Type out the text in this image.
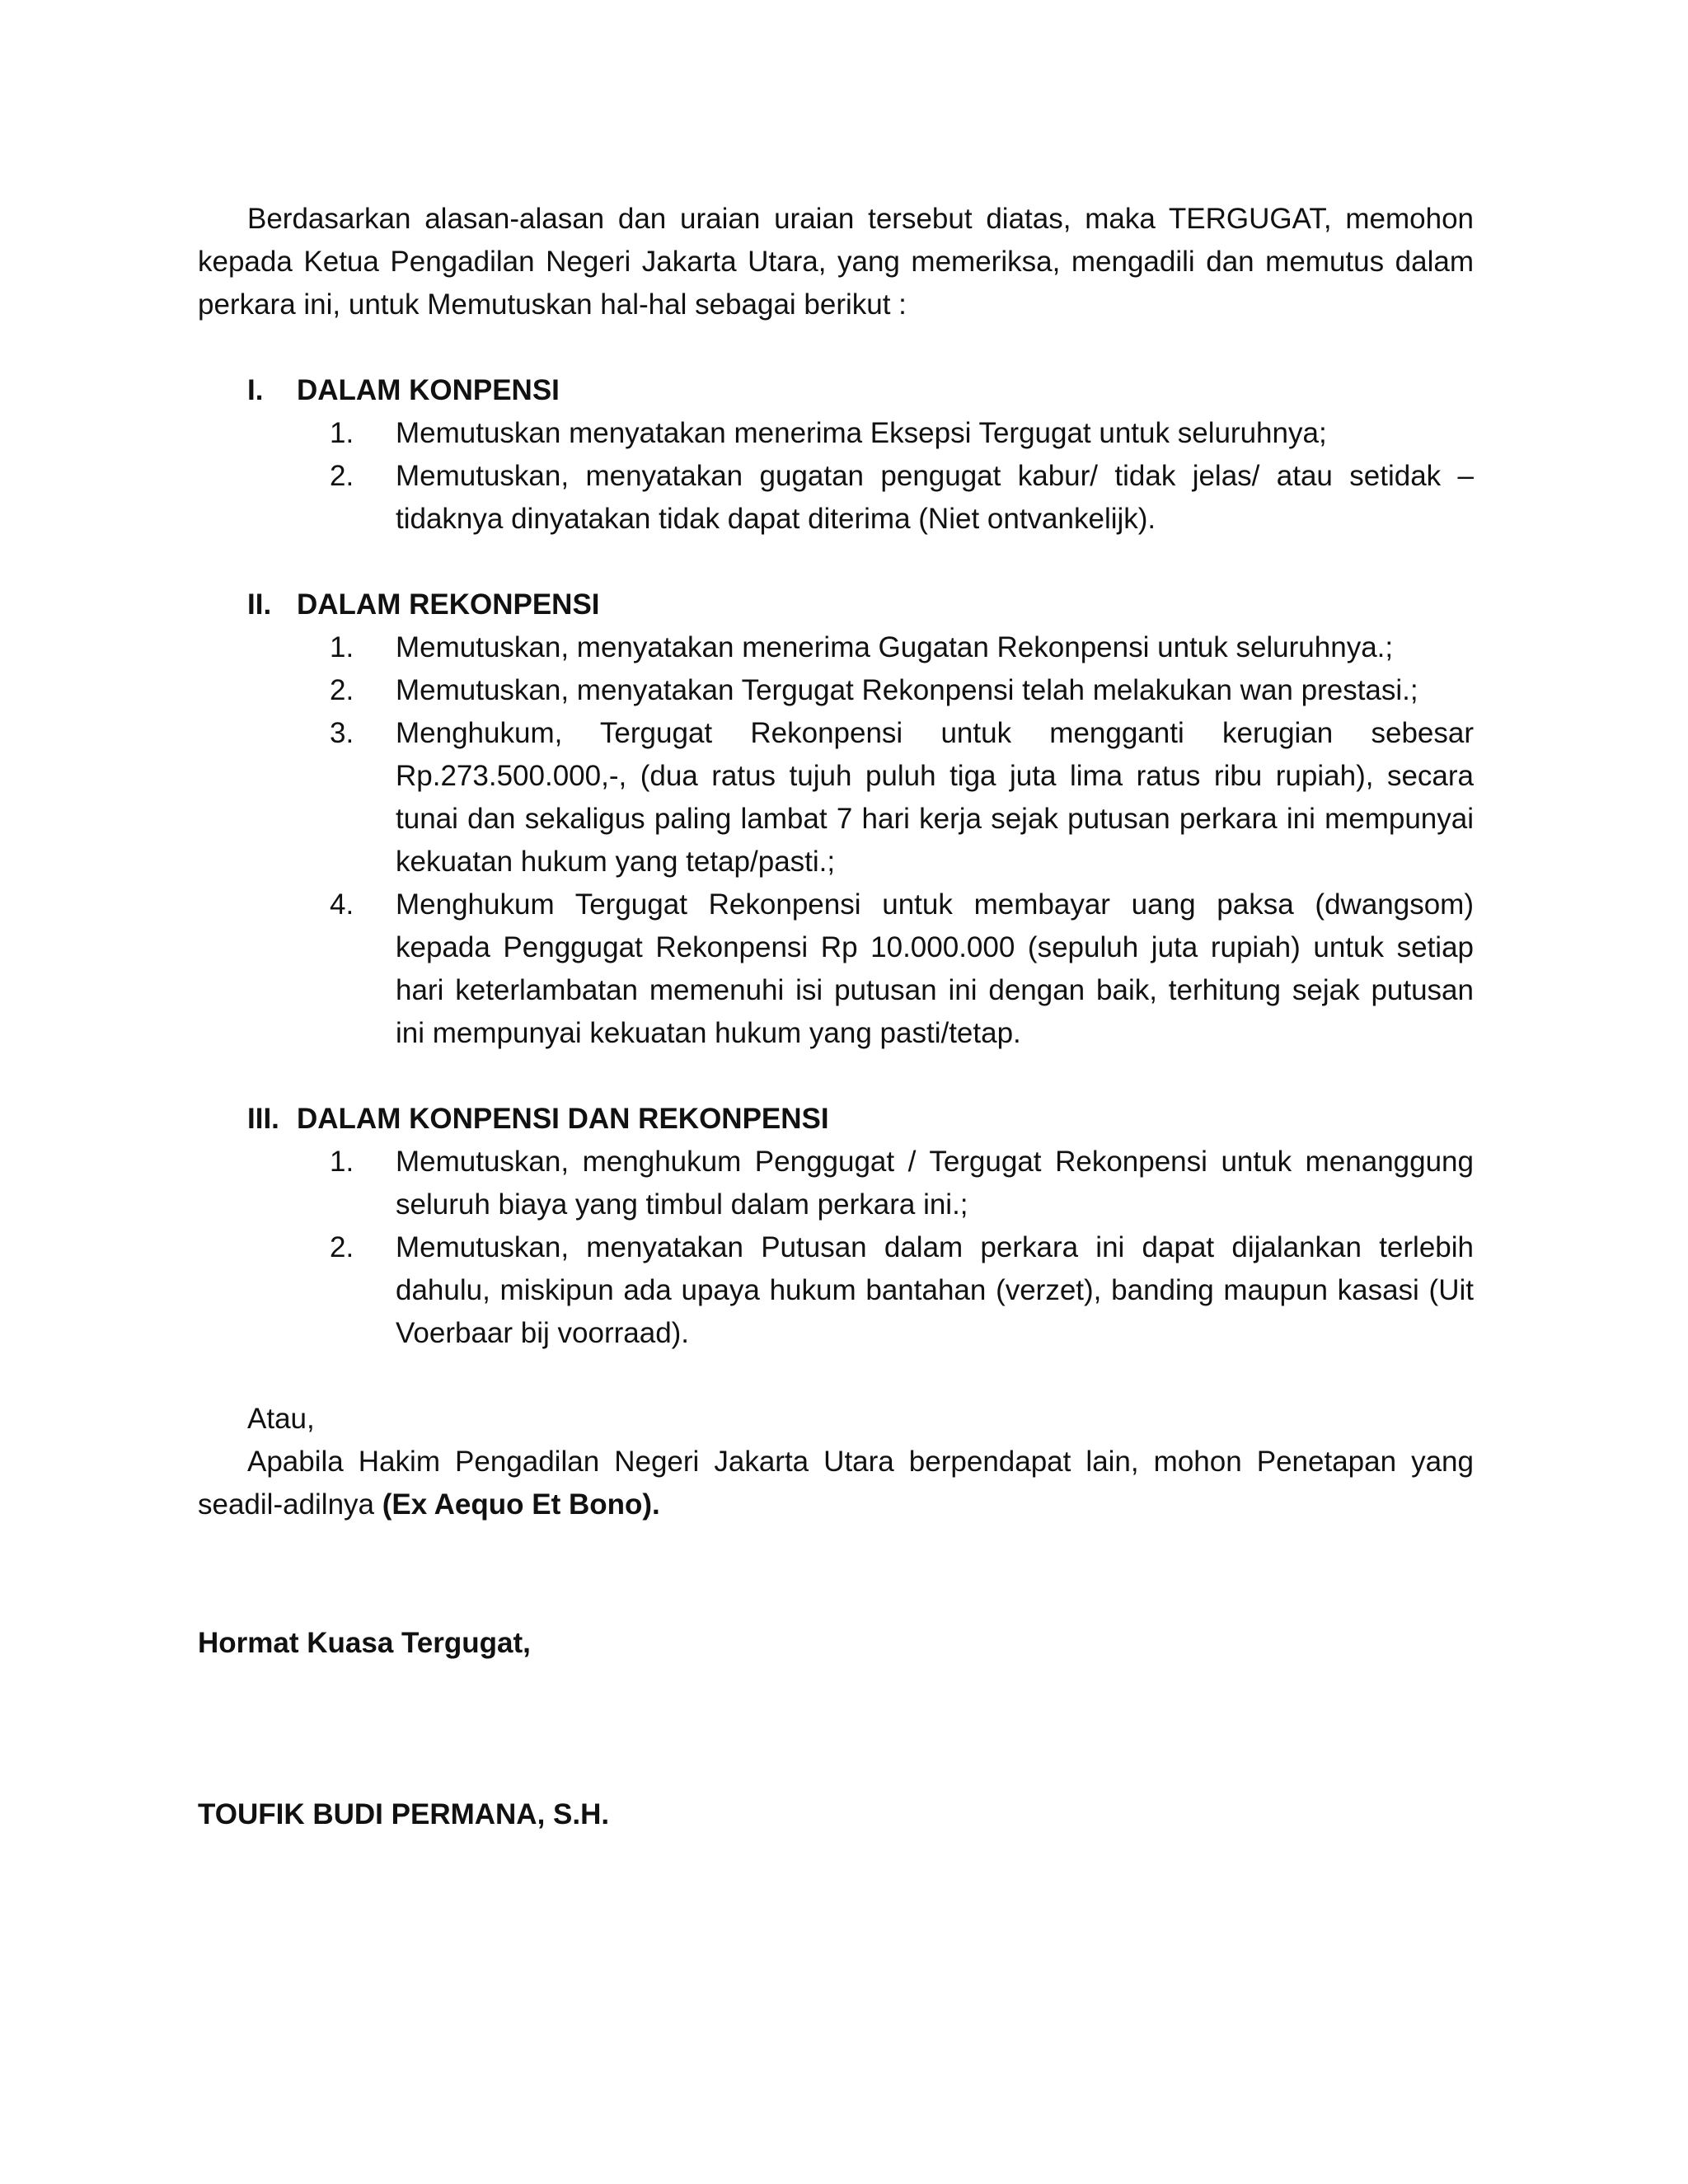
Berdasarkan alasan-alasan dan uraian uraian tersebut diatas, maka TERGUGAT, memohon kepada Ketua Pengadilan Negeri Jakarta Utara, yang memeriksa, mengadili dan memutus dalam perkara ini, untuk Memutuskan hal-hal sebagai berikut :

I.	DALAM KONPENSI
1.	Memutuskan menyatakan menerima Eksepsi Tergugat untuk seluruhnya;
2.	Memutuskan, menyatakan gugatan pengugat kabur/ tidak jelas/ atau setidak – tidaknya dinyatakan tidak dapat diterima (Niet ontvankelijk).
II. DALAM REKONPENSI
1.	Memutuskan, menyatakan menerima Gugatan Rekonpensi untuk seluruhnya.;
2.	Memutuskan, menyatakan Tergugat Rekonpensi telah melakukan wan prestasi.;
3.	Menghukum, Tergugat Rekonpensi untuk mengganti kerugian sebesar Rp.273.500.000,-, (dua ratus tujuh puluh tiga juta lima ratus ribu rupiah), secara tunai dan sekaligus paling lambat 7 hari kerja sejak putusan perkara ini mempunyai kekuatan hukum yang tetap/pasti.;
4.	Menghukum Tergugat Rekonpensi untuk membayar uang paksa (dwangsom) kepada Penggugat Rekonpensi Rp 10.000.000 (sepuluh juta rupiah) untuk setiap hari keterlambatan memenuhi isi putusan ini dengan baik, terhitung sejak putusan ini mempunyai kekuatan hukum yang pasti/tetap.
III. DALAM KONPENSI DAN REKONPENSI
1.	Memutuskan, menghukum Penggugat / Tergugat Rekonpensi untuk menanggung seluruh biaya yang timbul dalam perkara ini.;
2.	Memutuskan, menyatakan Putusan dalam perkara ini dapat dijalankan terlebih dahulu, miskipun ada upaya hukum bantahan (verzet), banding maupun kasasi (Uit Voerbaar bij voorraad).

Atau,

Apabila Hakim Pengadilan Negeri Jakarta Utara berpendapat lain, mohon Penetapan yang seadil-adilnya (Ex Aequo Et Bono).

Hormat Kuasa Tergugat,
TOUFIK BUDI PERMANA, S.H.
